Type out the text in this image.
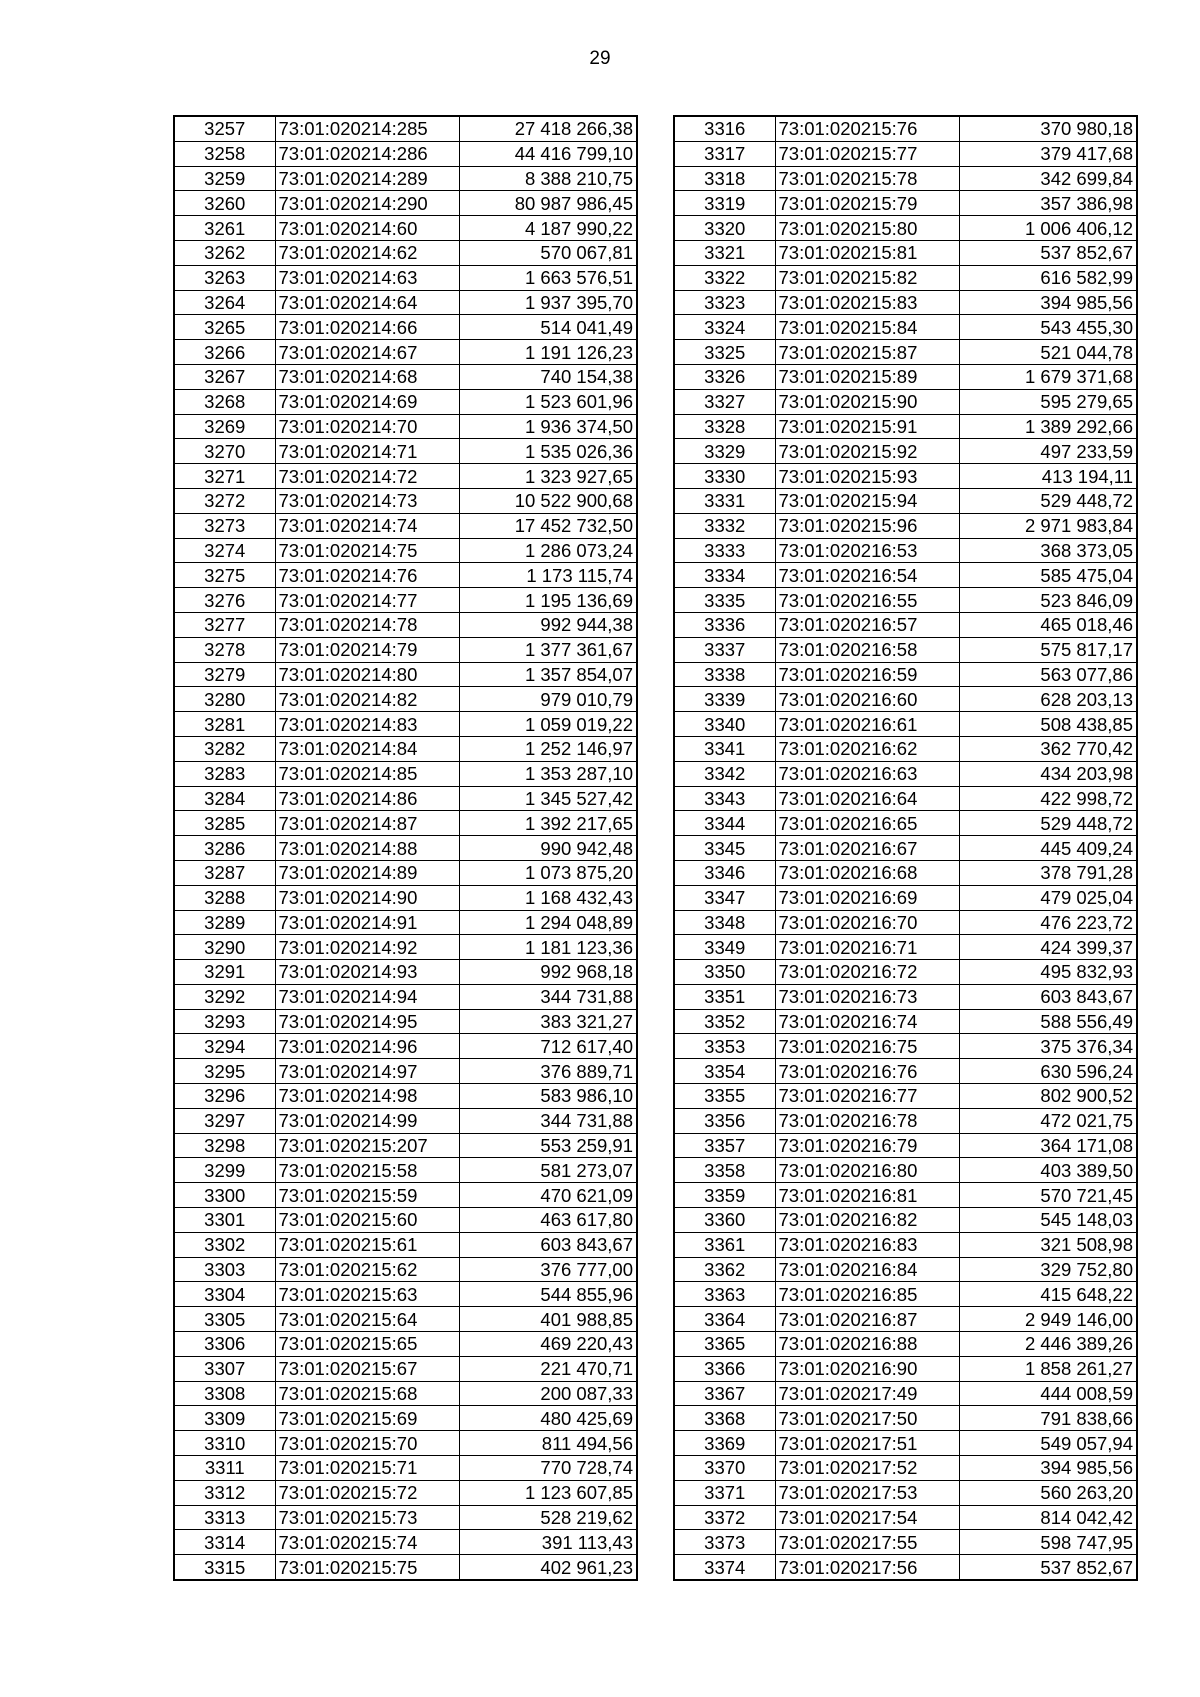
29
3257	73:01:020214:285	27 418 266,38
3258	73:01:020214:286	44 416 799,10
3259	73:01:020214:289	8 388 210,75
3260	73:01:020214:290	80 987 986,45
3261	73:01:020214:60	4 187 990,22
3262	73:01:020214:62	570 067,81
3263	73:01:020214:63	1 663 576,51
3264	73:01:020214:64	1 937 395,70
3265	73:01:020214:66	514 041,49
3266	73:01:020214:67	1 191 126,23
3267	73:01:020214:68	740 154,38
3268	73:01:020214:69	1 523 601,96
3269	73:01:020214:70	1 936 374,50
3270	73:01:020214:71	1 535 026,36
3271	73:01:020214:72	1 323 927,65
3272	73:01:020214:73	10 522 900,68
3273	73:01:020214:74	17 452 732,50
3274	73:01:020214:75	1 286 073,24
3275	73:01:020214:76	1 173 115,74
3276	73:01:020214:77	1 195 136,69
3277	73:01:020214:78	992 944,38
3278	73:01:020214:79	1 377 361,67
3279	73:01:020214:80	1 357 854,07
3280	73:01:020214:82	979 010,79
3281	73:01:020214:83	1 059 019,22
3282	73:01:020214:84	1 252 146,97
3283	73:01:020214:85	1 353 287,10
3284	73:01:020214:86	1 345 527,42
3285	73:01:020214:87	1 392 217,65
3286	73:01:020214:88	990 942,48
3287	73:01:020214:89	1 073 875,20
3288	73:01:020214:90	1 168 432,43
3289	73:01:020214:91	1 294 048,89
3290	73:01:020214:92	1 181 123,36
3291	73:01:020214:93	992 968,18
3292	73:01:020214:94	344 731,88
3293	73:01:020214:95	383 321,27
3294	73:01:020214:96	712 617,40
3295	73:01:020214:97	376 889,71
3296	73:01:020214:98	583 986,10
3297	73:01:020214:99	344 731,88
3298	73:01:020215:207	553 259,91
3299	73:01:020215:58	581 273,07
3300	73:01:020215:59	470 621,09
3301	73:01:020215:60	463 617,80
3302	73:01:020215:61	603 843,67
3303	73:01:020215:62	376 777,00
3304	73:01:020215:63	544 855,96
3305	73:01:020215:64	401 988,85
3306	73:01:020215:65	469 220,43
3307	73:01:020215:67	221 470,71
3308	73:01:020215:68	200 087,33
3309	73:01:020215:69	480 425,69
3310	73:01:020215:70	811 494,56
3311	73:01:020215:71	770 728,74
3312	73:01:020215:72	1 123 607,85
3313	73:01:020215:73	528 219,62
3314	73:01:020215:74	391 113,43
3315	73:01:020215:75	402 961,23
3316	73:01:020215:76	370 980,18
3317	73:01:020215:77	379 417,68
3318	73:01:020215:78	342 699,84
3319	73:01:020215:79	357 386,98
3320	73:01:020215:80	1 006 406,12
3321	73:01:020215:81	537 852,67
3322	73:01:020215:82	616 582,99
3323	73:01:020215:83	394 985,56
3324	73:01:020215:84	543 455,30
3325	73:01:020215:87	521 044,78
3326	73:01:020215:89	1 679 371,68
3327	73:01:020215:90	595 279,65
3328	73:01:020215:91	1 389 292,66
3329	73:01:020215:92	497 233,59
3330	73:01:020215:93	413 194,11
3331	73:01:020215:94	529 448,72
3332	73:01:020215:96	2 971 983,84
3333	73:01:020216:53	368 373,05
3334	73:01:020216:54	585 475,04
3335	73:01:020216:55	523 846,09
3336	73:01:020216:57	465 018,46
3337	73:01:020216:58	575 817,17
3338	73:01:020216:59	563 077,86
3339	73:01:020216:60	628 203,13
3340	73:01:020216:61	508 438,85
3341	73:01:020216:62	362 770,42
3342	73:01:020216:63	434 203,98
3343	73:01:020216:64	422 998,72
3344	73:01:020216:65	529 448,72
3345	73:01:020216:67	445 409,24
3346	73:01:020216:68	378 791,28
3347	73:01:020216:69	479 025,04
3348	73:01:020216:70	476 223,72
3349	73:01:020216:71	424 399,37
3350	73:01:020216:72	495 832,93
3351	73:01:020216:73	603 843,67
3352	73:01:020216:74	588 556,49
3353	73:01:020216:75	375 376,34
3354	73:01:020216:76	630 596,24
3355	73:01:020216:77	802 900,52
3356	73:01:020216:78	472 021,75
3357	73:01:020216:79	364 171,08
3358	73:01:020216:80	403 389,50
3359	73:01:020216:81	570 721,45
3360	73:01:020216:82	545 148,03
3361	73:01:020216:83	321 508,98
3362	73:01:020216:84	329 752,80
3363	73:01:020216:85	415 648,22
3364	73:01:020216:87	2 949 146,00
3365	73:01:020216:88	2 446 389,26
3366	73:01:020216:90	1 858 261,27
3367	73:01:020217:49	444 008,59
3368	73:01:020217:50	791 838,66
3369	73:01:020217:51	549 057,94
3370	73:01:020217:52	394 985,56
3371	73:01:020217:53	560 263,20
3372	73:01:020217:54	814 042,42
3373	73:01:020217:55	598 747,95
3374	73:01:020217:56	537 852,67
